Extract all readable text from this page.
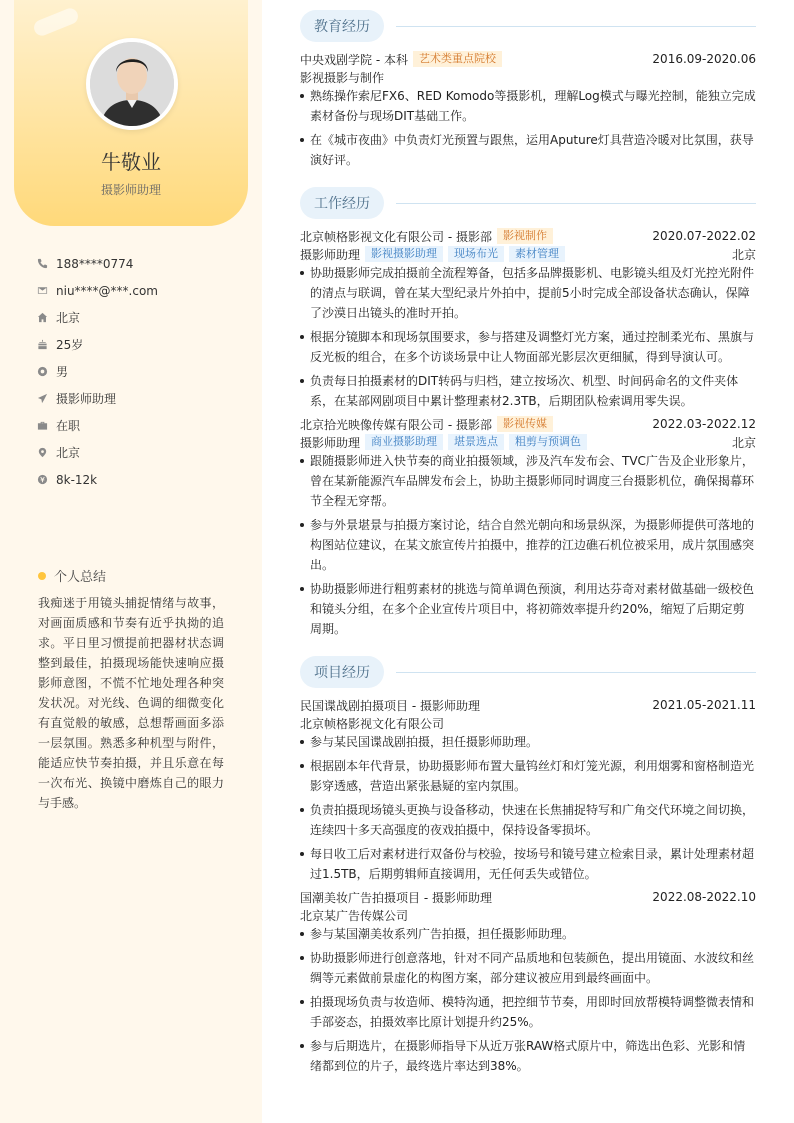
牛敬业
摄影师助理
188****0774
niu****@***.com
北京
25岁
男
摄影师助理
在职
北京
8k-12k
个人总结
我痴迷于用镜头捕捉情绪与故事，对画面质感和节奏有近乎执拗的追求。平日里习惯提前把器材状态调整到最佳，拍摄现场能快速响应摄影师意图，不慌不忙地处理各种突发状况。对光线、色调的细微变化有直觉般的敏感，总想帮画面多添一层氛围。熟悉多种机型与附件，能适应快节奏拍摄，并且乐意在每一次布光、换镜中磨炼自己的眼力与手感。
教育经历
中央戏剧学院 - 本科	艺术类重点院校	2016.09-2020.06
影视摄影与制作
熟练操作索尼FX6、RED Komodo等摄影机，理解Log模式与曝光控制，能独立完成素材备份与现场DIT基础工作。
在《城市夜曲》中负责灯光预置与跟焦，运用Aputure灯具营造冷暖对比氛围，获导演好评。
工作经历
北京帧格影视文化有限公司 - 摄影部	影视制作	2020.07-2022.02
摄影师助理	影视摄影助理	现场布光	素材管理	北京
协助摄影师完成拍摄前全流程筹备，包括多品牌摄影机、电影镜头组及灯光控光附件的清点与联调，曾在某大型纪录片外拍中，提前5小时完成全部设备状态确认，保障了沙漠日出镜头的准时开拍。
根据分镜脚本和现场氛围要求，参与搭建及调整灯光方案，通过控制柔光布、黑旗与反光板的组合，在多个访谈场景中让人物面部光影层次更细腻，得到导演认可。
负责每日拍摄素材的DIT转码与归档，建立按场次、机型、时间码命名的文件夹体系，在某部网剧项目中累计整理素材2.3TB，后期团队检索调用零失误。
北京拾光映像传媒有限公司 - 摄影部	影视传媒	2022.03-2022.12
摄影师助理	商业摄影助理	堪景选点	粗剪与预调色	北京
跟随摄影师进入快节奏的商业拍摄领域，涉及汽车发布会、TVC广告及企业形象片，曾在某新能源汽车品牌发布会上，协助主摄影师同时调度三台摄影机位，确保揭幕环节全程无穿帮。
参与外景堪景与拍摄方案讨论，结合自然光朝向和场景纵深，为摄影师提供可落地的构图站位建议，在某文旅宣传片拍摄中，推荐的江边礁石机位被采用，成片氛围感突出。
协助摄影师进行粗剪素材的挑选与简单调色预演，利用达芬奇对素材做基础一级校色和镜头分组，在多个企业宣传片项目中，将初筛效率提升约20%，缩短了后期定剪周期。
项目经历
民国谍战剧拍摄项目 - 摄影师助理	2021.05-2021.11
北京帧格影视文化有限公司
参与某民国谍战剧拍摄，担任摄影师助理。
根据剧本年代背景，协助摄影师布置大量钨丝灯和灯笼光源，利用烟雾和窗格制造光影穿透感，营造出紧张悬疑的室内氛围。
负责拍摄现场镜头更换与设备移动，快速在长焦捕捉特写和广角交代环境之间切换，连续四十多天高强度的夜戏拍摄中，保持设备零损坏。
每日收工后对素材进行双备份与校验，按场号和镜号建立检索目录，累计处理素材超过1.5TB，后期剪辑师直接调用，无任何丢失或错位。
国潮美妆广告拍摄项目 - 摄影师助理	2022.08-2022.10
北京某广告传媒公司
参与某国潮美妆系列广告拍摄，担任摄影师助理。
协助摄影师进行创意落地，针对不同产品质地和包装颜色，提出用镜面、水波纹和丝绸等元素做前景虚化的构图方案，部分建议被应用到最终画面中。
拍摄现场负责与妆造师、模特沟通，把控细节节奏，用即时回放帮模特调整微表情和手部姿态，拍摄效率比原计划提升约25%。
参与后期选片，在摄影师指导下从近万张RAW格式原片中，筛选出色彩、光影和情绪都到位的片子，最终选片率达到38%。
